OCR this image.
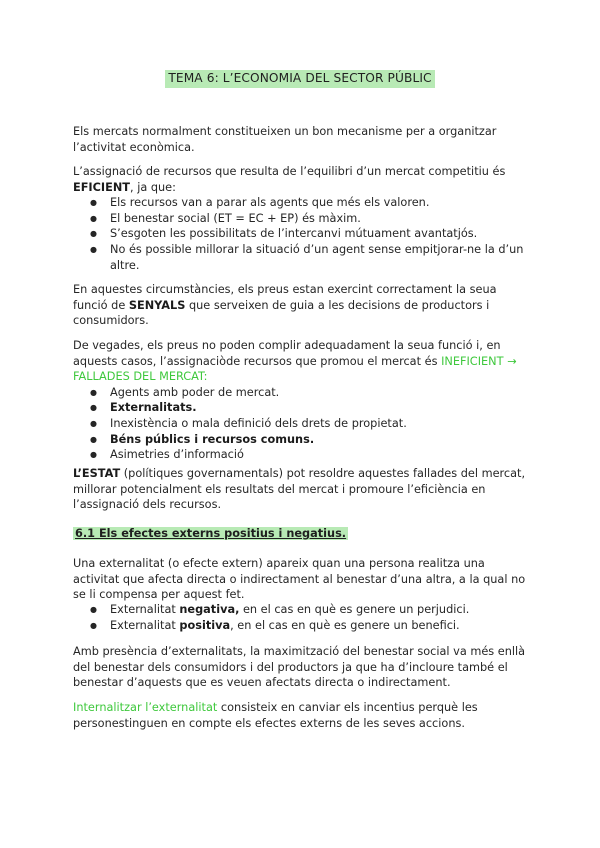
TEMA 6: L’ECONOMIA DEL SECTOR PÚBLIC

Els mercats normalment constitueixen un bon mecanisme per a organitzar l’activitat econòmica.

L’assignació de recursos que resulta de l’equilibri d’un mercat competitiu és EFICIENT, ja que:
● Els recursos van a parar als agents que més els valoren.
● El benestar social (ET = EC + EP) és màxim.
● S’esgoten les possibilitats de l’intercanvi mútuament avantatjós.
● No és possible millorar la situació d’un agent sense empitjorar-ne la d’un altre.

En aquestes circumstàncies, els preus estan exercint correctament la seua funció de SENYALS que serveixen de guia a les decisions de productors i consumidors.

De vegades, els preus no poden complir adequadament la seua funció i, en aquests casos, l’assignaciòde recursos que promou el mercat és INEFICIENT → FALLADES DEL MERCAT:
● Agents amb poder de mercat.
● Externalitats.
● Inexistència o mala definició dels drets de propietat.
● Béns públics i recursos comuns.
● Asimetries d’informació

L’ESTAT (polítiques governamentals) pot resoldre aquestes fallades del mercat, millorar potencialment els resultats del mercat i promoure l’eficiència en l’assignació dels recursos.

6.1 Els efectes externs positius i negatius.

Una externalitat (o efecte extern) apareix quan una persona realitza una activitat que afecta directa o indirectament al benestar d’una altra, a la qual no se li compensa per aquest fet.

● Externalitat negativa, en el cas en què es genere un perjudici.
● Externalitat positiva, en el cas en què es genere un benefici.

Amb presència d’externalitats, la maximització del benestar social va més enllà del benestar dels consumidors i del productors ja que ha d’incloure també el benestar d’aquests que es veuen afectats directa o indirectament.

Internalitzar l’externalitat consisteix en canviar els incentius perquè les personestinguen en compte els efectes externs de les seves accions.
